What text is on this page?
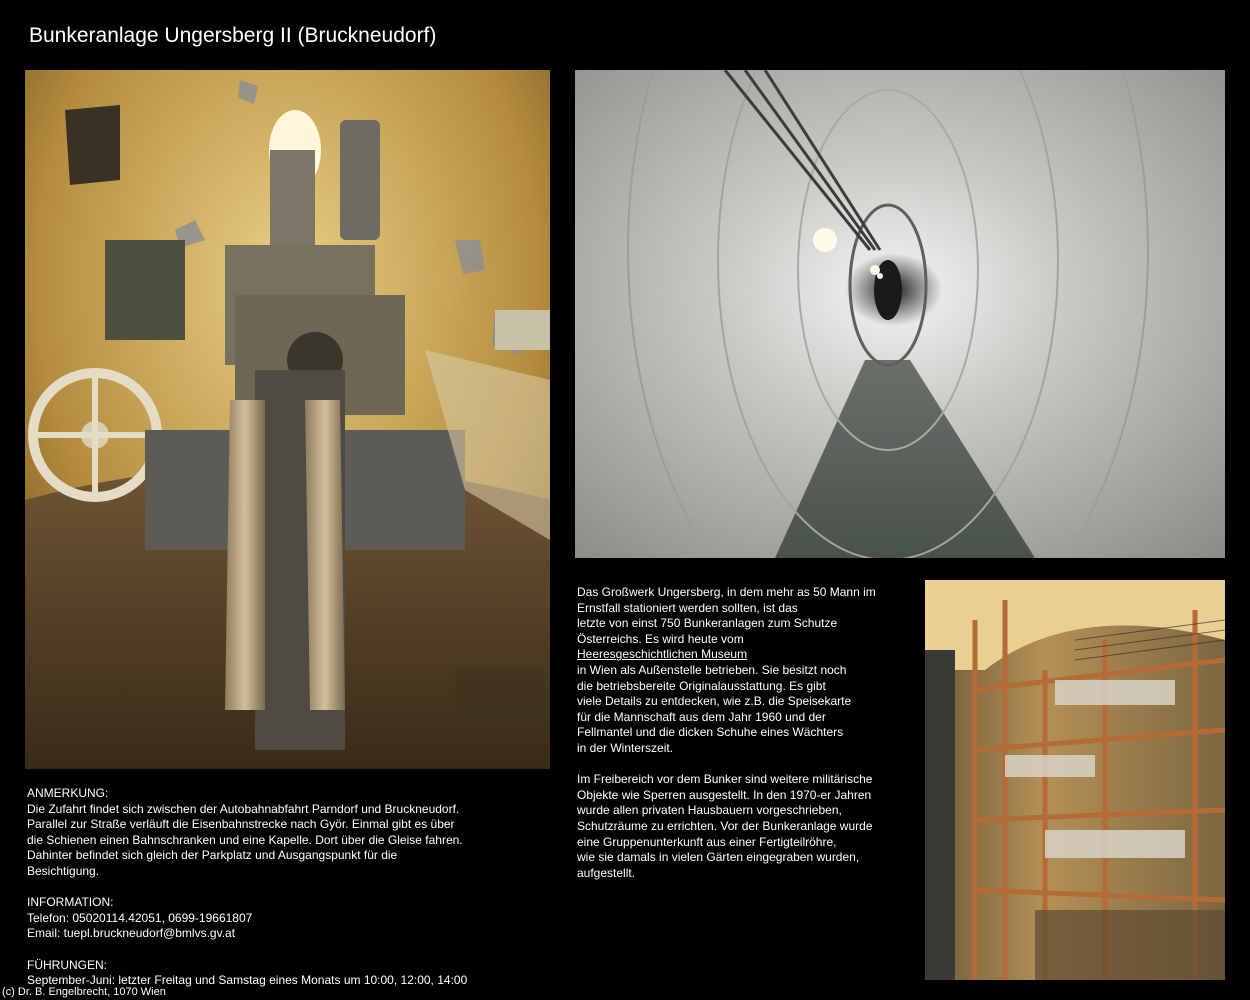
Bunkeranlage Ungersberg II (Bruckneudorf)

Das Großwerk Ungersberg, in dem mehr as 50 Mann im

Ernstfall stationiert werden sollten, ist das

letzte von einst 750 Bunkeranlagen zum Schutze

Österreichs. Es wird heute vom

Heeresgeschichtlichen Museum

in Wien als Außenstelle betrieben. Sie besitzt noch

die betriebsbereite Originalausstattung. Es gibt

viele Details zu entdecken, wie z.B. die Speisekarte

für die Mannschaft aus dem Jahr 1960 und der

Fellmantel und die dicken Schuhe eines Wächters

in der Winterszeit.

Im Freibereich vor dem Bunker sind weitere militärische

Objekte wie Sperren ausgestellt. In den 1970-er Jahren

wurde allen privaten Hausbauern vorgeschrieben,

Schutzräume zu errichten. Vor der Bunkeranlage wurde

eine Gruppenunterkunft aus einer Fertigteilröhre,

wie sie damals in vielen Gärten eingegraben wurden,

aufgestellt.

ANMERKUNG:

Die Zufahrt findet sich zwischen der Autobahnabfahrt Parndorf und Bruckneudorf.

Parallel zur Straße verläuft die Eisenbahnstrecke nach Györ. Einmal gibt es über

die Schienen einen Bahnschranken und eine Kapelle. Dort über die Gleise fahren.

Dahinter befindet sich gleich der Parkplatz und Ausgangspunkt für die

Besichtigung.

INFORMATION:

Telefon: 05020114.42051, 0699-19661807

Email: tuepl.bruckneudorf@bmlvs.gv.at

FÜHRUNGEN:

September-Juni: letzter Freitag und Samstag eines Monats um 10:00, 12:00, 14:00

(c) Dr. B. Engelbrecht, 1070 Wien
